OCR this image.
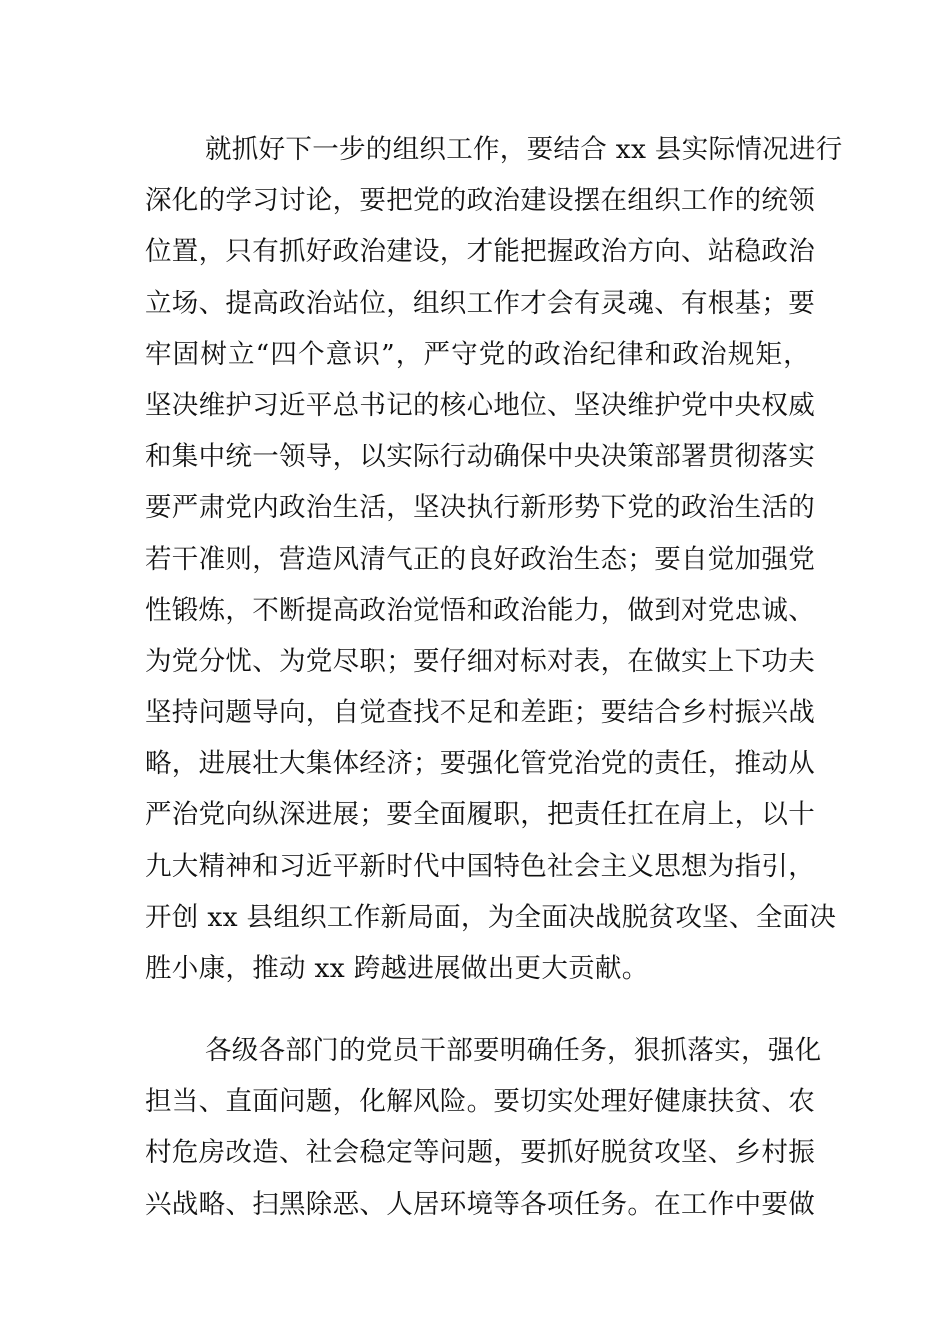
就抓好下一步的组织工作，要结合 xx 县实际情况进行
深化的学习讨论，要把党的政治建设摆在组织工作的统领
位置，只有抓好政治建设，才能把握政治方向、站稳政治
立场、提高政治站位，组织工作才会有灵魂、有根基；要
牢固树立“四个意识”，严守党的政治纪律和政治规矩，
坚决维护习近平总书记的核心地位、坚决维护党中央权威
和集中统一领导，以实际行动确保中央决策部署贯彻落实
要严肃党内政治生活，坚决执行新形势下党的政治生活的
若干准则，营造风清气正的良好政治生态；要自觉加强党
性锻炼，不断提高政治觉悟和政治能力，做到对党忠诚、
为党分忧、为党尽职；要仔细对标对表，在做实上下功夫
坚持问题导向，自觉查找不足和差距；要结合乡村振兴战
略，进展壮大集体经济；要强化管党治党的责任，推动从
严治党向纵深进展；要全面履职，把责任扛在肩上，以十
九大精神和习近平新时代中国特色社会主义思想为指引，
开创 xx 县组织工作新局面，为全面决战脱贫攻坚、全面决
胜小康，推动 xx 跨越进展做出更大贡献。
各级各部门的党员干部要明确任务，狠抓落实，强化
担当、直面问题，化解风险。要切实处理好健康扶贫、农
村危房改造、社会稳定等问题，要抓好脱贫攻坚、乡村振
兴战略、扫黑除恶、人居环境等各项任务。在工作中要做
